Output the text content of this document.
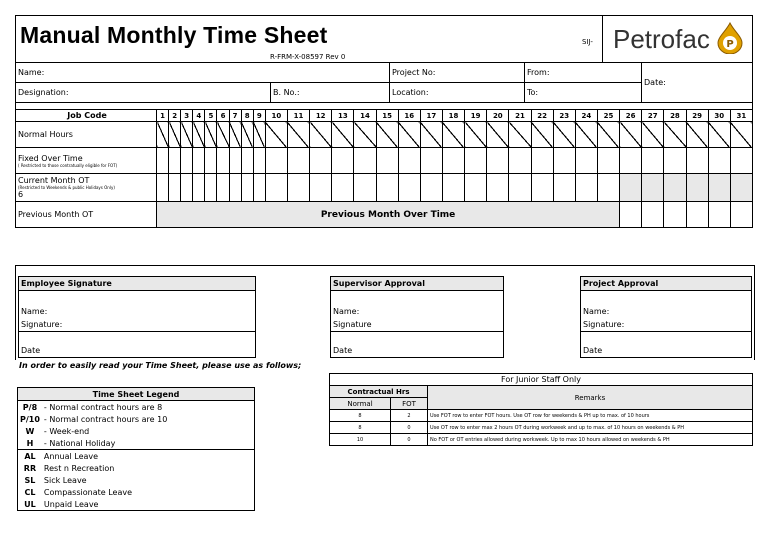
Manual Monthly Time Sheet
R-FRM-X-08597 Rev 0
SIJ- Petrofac P
Name:		Project No:	From:	Date:
Designation:	B. No.:	Location:	To:	
Job Code	1	2	3	4	5	6	7	8	9	10	11	12	13	14	15	16	17	18	19	20	21	22	23	24	25	26	27	28	29	30	31
Normal Hours																															
Fixed Over Time
( Restricted to those contratually eligible for FOT)																															

Current Month OT
(Restricted to Weekends & public Holidays Only)
6																															

Previous Month OT	Previous Month Over Time																														
Employee Signature

Name:
Signature:

Date
Supervisor Approval

Name:
Signature

Date
Project Approval

Name:
Signature:

Date
In order to easily read your Time Sheet, please use as follows;
Time Sheet Legend	
P/8	- Normal contract hours are 8
P/10	- Normal contract hours are 10
W	- Week-end
H	- National Holiday
AL	Annual Leave
RR	Rest n Recreation
SL	Sick Leave
CL	Compassionate Leave
UL	Unpaid Leave
For Junior Staff Only		
Contractual Hrs		Remarks
Normal	FOT	
8	2	Use FOT row to enter FOT hours. Use OT row for weekends & PH up to max. of 10 hours
8	0	Use OT row to enter max 2 hours OT during workweek and up to max. of 10 hours on weekends & PH
10	0	No FOT or OT entries allowed during workweek. Up to max 10 hours allowed on weekends & PH
